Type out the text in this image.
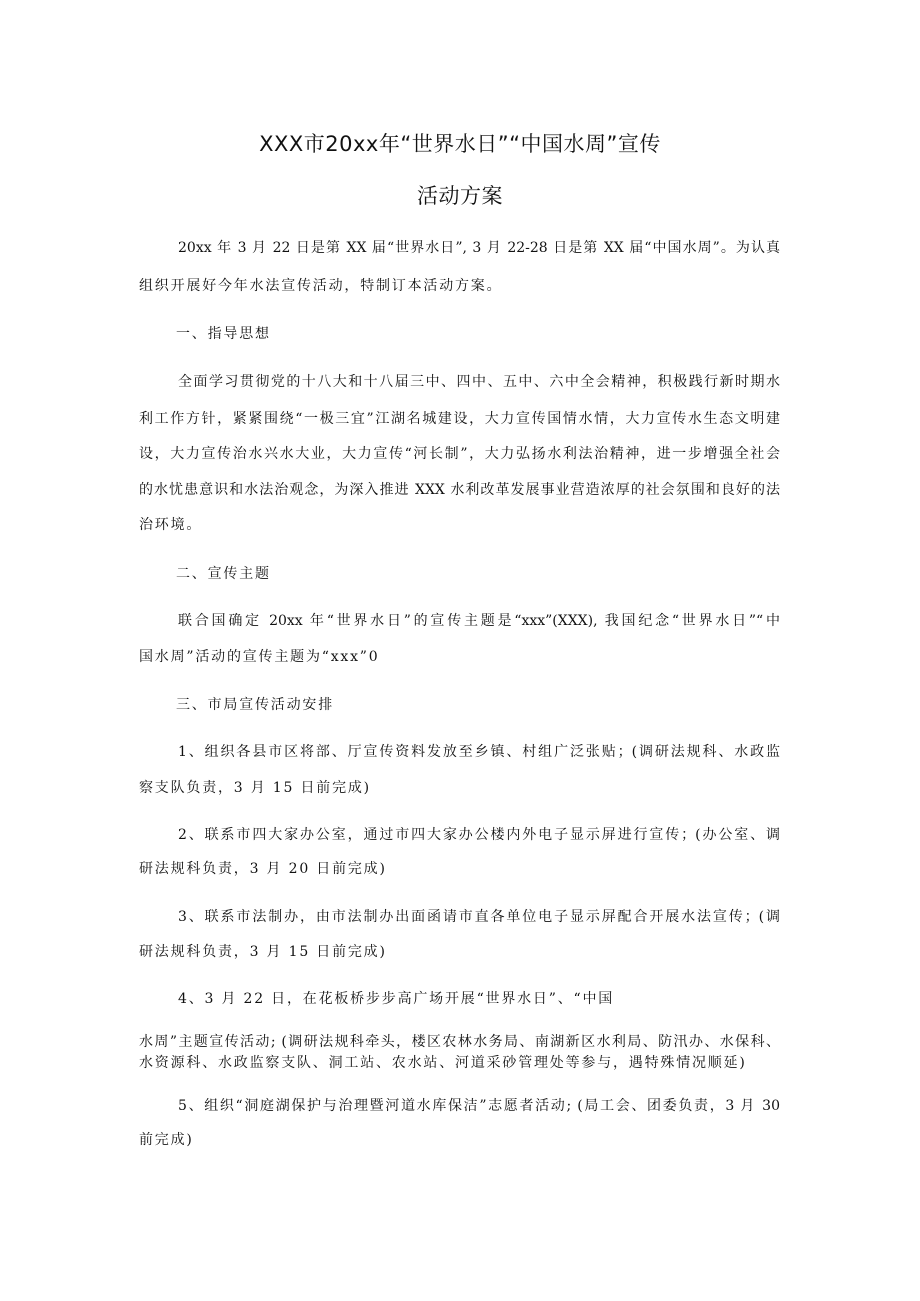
XXX市20xx年“世界水日”“中国水周”宣传
活动方案
20xx 年 3 月 22 日是第 XX 届“世界水日”, 3 月 22-28 日是第 XX 届“中国水周”。为认真
组织开展好今年水法宣传活动，特制订本活动方案。
一、指导思想
全面学习贯彻党的十八大和十八届三中、四中、五中、六中全会精神，积极践行新时期水
利工作方针，紧紧围绕“一极三宜”江湖名城建设，大力宣传国情水情，大力宣传水生态文明建
设，大力宣传治水兴水大业，大力宣传“河长制”，大力弘扬水利法治精神，进一步增强全社会
的水忧患意识和水法治观念，为深入推进 XXX 水利改革发展事业营造浓厚的社会氛围和良好的法
治环境。
二、宣传主题
联合国确定 20xx 年“世界水日”的宣传主题是“xxx”(XXX), 我国纪念“世界水日”“中
国水周”活动的宣传主题为“xxx”0
三、市局宣传活动安排
1、组织各县市区将部、厅宣传资料发放至乡镇、村组广泛张贴；(调研法规科、水政监
察支队负责，3 月 15 日前完成)
2、联系市四大家办公室，通过市四大家办公楼内外电子显示屏进行宣传；(办公室、调
研法规科负责，3 月 20 日前完成)
3、联系市法制办，由市法制办出面函请市直各单位电子显示屏配合开展水法宣传；(调
研法规科负责，3 月 15 日前完成)
4、3 月 22 日，在花板桥步步高广场开展“世界水日”、“中国
水周”主题宣传活动; (调研法规科牵头，楼区农林水务局、南湖新区水利局、防汛办、水保科、
水资源科、水政监察支队、洞工站、农水站、河道采砂管理处等参与，遇特殊情况顺延)
5、组织“洞庭湖保护与治理暨河道水库保洁”志愿者活动; (局工会、团委负责，3 月 30
前完成)
